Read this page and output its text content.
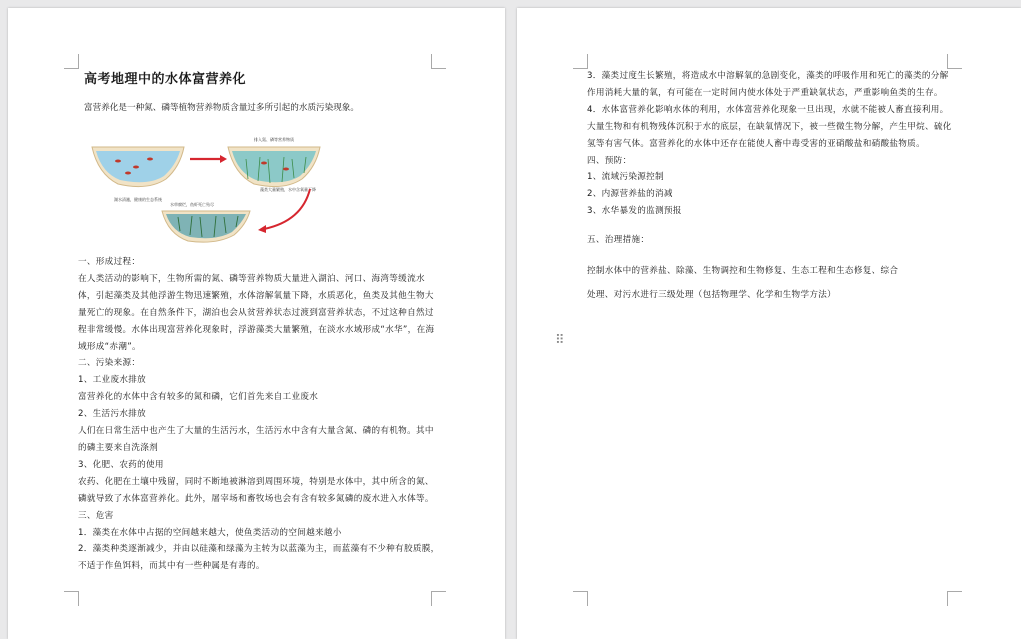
高考地理中的水体富营养化
富营养化是一种氮、磷等植物营养物质含量过多所引起的水质污染现象。
湖水清澈，健康的生态系统
排入氮、磷等营养物质
藻类大量繁殖，水中含氧量下降
水草腐烂，鱼虾死亡殆尽

一、形成过程：

在人类活动的影响下，生物所需的氮、磷等营养物质大量进入湖泊、河口、海湾等缓流水体，引起藻类及其他浮游生物迅速繁殖，水体溶解氧量下降，水质恶化，鱼类及其他生物大量死亡的现象。在自然条件下，湖泊也会从贫营养状态过渡到富营养状态，不过这种自然过程非常缓慢。水体出现富营养化现象时，浮游藻类大量繁殖，在淡水水域形成“水华”，在海域形成“赤潮”。

二、污染来源：

1、工业废水排放

富营养化的水体中含有较多的氮和磷，它们首先来自工业废水

2、生活污水排放

人们在日常生活中也产生了大量的生活污水，生活污水中含有大量含氮、磷的有机物。其中的磷主要来自洗涤剂

3、化肥、农药的使用

农药、化肥在土壤中残留，同时不断地被淋溶到周围环境，特别是水体中，其中所含的氮、磷就导致了水体富营养化。此外，屠宰场和畜牧场也会有含有较多氮磷的废水进入水体等。

三、危害

1．藻类在水体中占据的空间越来越大，使鱼类活动的空间越来越小

2．藻类种类逐渐减少，并由以硅藻和绿藻为主转为以蓝藻为主，而蓝藻有不少种有胶质膜，不适于作鱼饵料，而其中有一些种属是有毒的。

3．藻类过度生长繁殖，将造成水中溶解氧的急剧变化，藻类的呼吸作用和死亡的藻类的分解作用消耗大量的氧，有可能在一定时间内使水体处于严重缺氧状态，严重影响鱼类的生存。

4．水体富营养化影响水体的利用，水体富营养化现象一旦出现，水就不能被人畜直接利用。大量生物和有机物残体沉积于水的底层，在缺氧情况下，被一些微生物分解，产生甲烷、硫化氢等有害气体。富营养化的水体中还存在能使人畜中毒受害的亚硝酸盐和硝酸盐物质。

四、预防：

1、流域污染源控制

2、内源营养盐的消减

3、水华暴发的监测预报

五、治理措施：

控制水体中的营养盐、除藻、生物调控和生物修复、生态工程和生态修复、综合

处理、对污水进行三级处理（包括物理学、化学和生物学方法）

⠿
